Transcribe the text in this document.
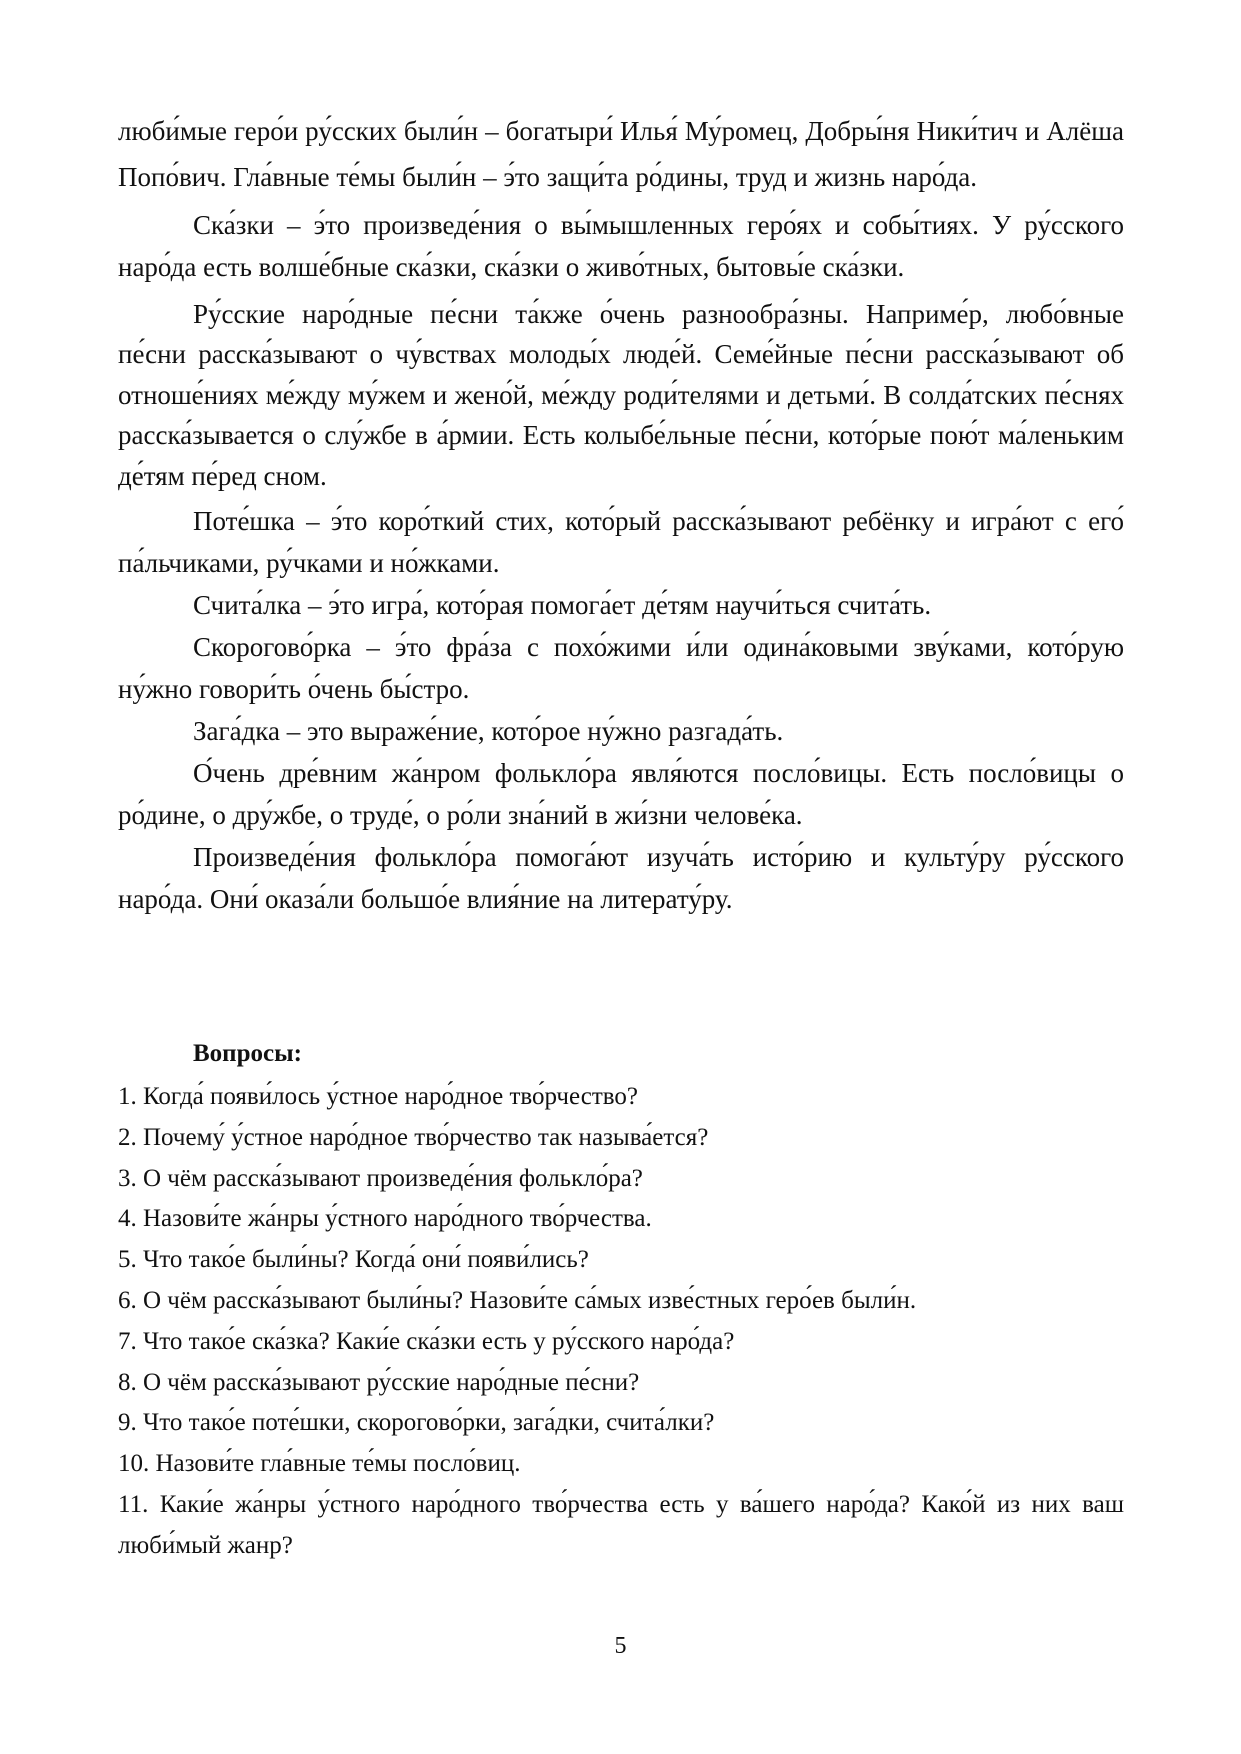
люби́мые геро́и ру́сских были́н – богатыри́ Илья́ Му́ромец, Добры́ня Ники́тич и Алёша Попо́вич. Гла́вные те́мы были́н – э́то защи́та ро́дины, труд и жизнь наро́да.

Ска́зки – э́то произведе́ния о вы́мышленных геро́ях и собы́тиях. У ру́сского наро́да есть волше́бные ска́зки, ска́зки о живо́тных, бытовы́е ска́зки.

Ру́сские наро́дные пе́сни та́кже о́чень разнообра́зны. Наприме́р, любо́вные пе́сни расска́зывают о чу́вствах молоды́х люде́й. Семе́йные пе́сни расска́зывают об отноше́ниях ме́жду му́жем и жено́й, ме́жду роди́телями и детьми́. В солда́тских пе́снях расска́зывается о слу́жбе в а́рмии. Есть колыбе́льные пе́сни, кото́рые пою́т ма́леньким де́тям пе́ред сном.

Поте́шка – э́то коро́ткий стих, кото́рый расска́зывают ребёнку и игра́ют с его́ па́льчиками, ру́чками и но́жками.

Счита́лка – э́то игра́, кото́рая помога́ет де́тям научи́ться счита́ть.

Скорогово́рка – э́то фра́за с похо́жими и́ли одина́ковыми зву́ками, кото́рую ну́жно говори́ть о́чень бы́стро.

Зага́дка – это выраже́ние, кото́рое ну́жно разгада́ть.

О́чень дре́вним жа́нром фолькло́ра явля́ются посло́вицы. Есть посло́вицы о ро́дине, о дру́жбе, о труде́, о ро́ли зна́ний в жи́зни челове́ка.

Произведе́ния фолькло́ра помога́ют изуча́ть исто́рию и культу́ру ру́сского наро́да. Они́ оказа́ли большо́е влия́ние на литерату́ру.

Вопросы:

1. Когда́ появи́лось у́стное наро́дное тво́рчество?
2. Почему́ у́стное наро́дное тво́рчество так называ́ется?
3. О чём расска́зывают произведе́ния фолькло́ра?
4. Назови́те жа́нры у́стного наро́дного тво́рчества.
5. Что тако́е были́ны? Когда́ они́ появи́лись?
6. О чём расска́зывают были́ны? Назови́те са́мых изве́стных геро́ев были́н.
7. Что тако́е ска́зка? Каки́е ска́зки есть у ру́сского наро́да?
8. О чём расска́зывают ру́сские наро́дные пе́сни?
9. Что тако́е поте́шки, скорогово́рки, зага́дки, счита́лки?
10. Назови́те гла́вные те́мы посло́виц.
11. Каки́е жа́нры у́стного наро́дного тво́рчества есть у ва́шего наро́да? Како́й из них ваш люби́мый жанр?
5
